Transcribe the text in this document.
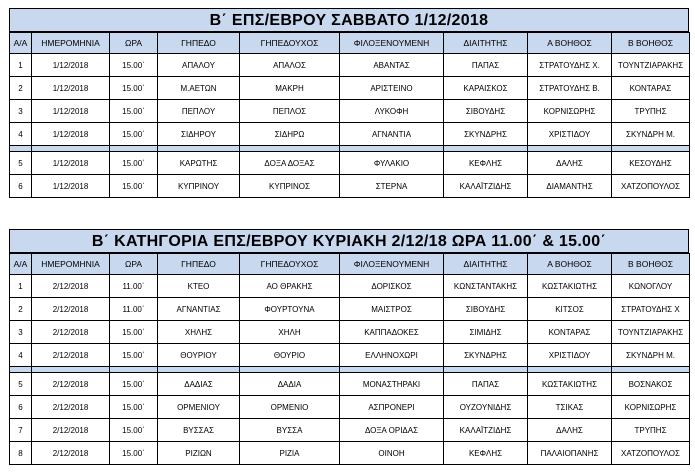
Β΄ ΕΠΣ/ΕΒΡΟΥ ΣΑΒΒΑΤΟ 1/12/2018
Α/Α	ΗΜΕΡΟΜΗΝΙΑ	ΩΡΑ	ΓΗΠΕΔΟ	ΓΗΠΕΔΟΥΧΟΣ	ΦΙΛΟΞΕΝΟΥΜΕΝΗ	ΔΙΑΙΤΗΤΗΣ	Α ΒΟΗΘΟΣ	Β ΒΟΗΘΟΣ
1	1/12/2018	15.00΄	ΑΠΑΛΟΥ	ΑΠΑΛΟΣ	ΑΒΑΝΤΑΣ	ΠΑΠΑΣ	ΣΤΡΑΤΟΥΔΗΣ Χ.	ΤΟΥΝΤΖΙΑΡΑΚΗΣ
2	1/12/2018	15.00΄	Μ.ΑΕΤΩΝ	ΜΑΚΡΗ	ΑΡΙΣΤΕΙΝΟ	ΚΑΡΑΙΣΚΟΣ	ΣΤΡΑΤΟΥΔΗΣ Β.	ΚΟΝΤΑΡΑΣ
3	1/12/2018	15.00΄	ΠΕΠΛΟΥ	ΠΕΠΛΟΣ	ΛΥΚΟΦΗ	ΣΙΒΟΥΔΗΣ	ΚΟΡΝΙΣΩΡΗΣ	ΤΡΥΠΗΣ
4	1/12/2018	15.00΄	ΣΙΔΗΡΟΥ	ΣΙΔΗΡΩ	ΑΓΝΑΝΤΙΑ	ΣΚΥΝΔΡΗΣ	ΧΡΙΣΤΙΔΟΥ	ΣΚΥΝΔΡΗ Μ.

5	1/12/2018	15.00΄	ΚΑΡΩΤΗΣ	ΔΟΞΑ ΔΟΞΑΣ	ΦΥΛΑΚΙΟ	ΚΕΦΛΗΣ	ΔΑΛΗΣ	ΚΕΣΟΥΔΗΣ
6	1/12/2018	15.00΄	ΚΥΠΡΙΝΟΥ	ΚΥΠΡΙΝΟΣ	ΣΤΕΡΝΑ	ΚΑΛΑΪΤΖΙΔΗΣ	ΔΙΑΜΑΝΤΗΣ	ΧΑΤΖΟΠΟΥΛΟΣ
Β΄ ΚΑΤΗΓΟΡΙΑ ΕΠΣ/ΕΒΡΟΥ ΚΥΡΙΑΚΗ 2/12/18 ΩΡΑ 11.00΄ & 15.00΄
Α/Α	ΗΜΕΡΟΜΗΝΙΑ	ΩΡΑ	ΓΗΠΕΔΟ	ΓΗΠΕΔΟΥΧΟΣ	ΦΙΛΟΞΕΝΟΥΜΕΝΗ	ΔΙΑΙΤΗΤΗΣ	Α ΒΟΗΘΟΣ	Β ΒΟΗΘΟΣ
1	2/12/2018	11.00΄	ΚΤΕΟ	ΑΟ ΘΡΑΚΗΣ	ΔΟΡΙΣΚΟΣ	ΚΩΝΣΤΑΝΤΑΚΗΣ	ΚΩΣΤΑΚΙΩΤΗΣ	ΚΩΝΟΓΛΟΥ
2	2/12/2018	11.00΄	ΑΓΝΑΝΤΙΑΣ	ΦΟΥΡΤΟΥΝΑ	ΜΑΙΣΤΡΟΣ	ΣΙΒΟΥΔΗΣ	ΚΙΤΣΟΣ	ΣΤΡΑΤΟΥΔΗΣ Χ
3	2/12/2018	15.00΄	ΧΗΛΗΣ	ΧΗΛΗ	ΚΑΠΠΑΔΟΚΕΣ	ΣΙΜΙΔΗΣ	ΚΟΝΤΑΡΑΣ	ΤΟΥΝΤΖΙΑΡΑΚΗΣ
4	2/12/2018	15.00΄	ΘΟΥΡΙΟΥ	ΘΟΥΡΙΟ	ΕΛΛΗΝΟΧΩΡΙ	ΣΚΥΝΔΡΗΣ	ΧΡΙΣΤΙΔΟΥ	ΣΚΥΝΔΡΗ Μ.

5	2/12/2018	15.00΄	ΔΑΔΙΑΣ	ΔΑΔΙΑ	ΜΟΝΑΣΤΗΡΑΚΙ	ΠΑΠΑΣ	ΚΩΣΤΑΚΙΩΤΗΣ	ΒΟΣΝΑΚΟΣ
6	2/12/2018	15.00΄	ΟΡΜΕΝΙΟΥ	ΟΡΜΕΝΙΟ	ΑΣΠΡΟΝΕΡΙ	ΟΥΖΟΥΝΙΔΗΣ	ΤΣΙΚΑΣ	ΚΟΡΝΙΣΩΡΗΣ
7	2/12/2018	15.00΄	ΒΥΣΣΑΣ	ΒΥΣΣΑ	ΔΟΞΑ ΟΡΙΔΑΣ	ΚΑΛΑΪΤΖΙΔΗΣ	ΔΑΛΗΣ	ΤΡΥΠΗΣ
8	2/12/2018	15.00΄	ΡΙΖΙΩΝ	ΡΙΖΙΑ	ΟΙΝΟΗ	ΚΕΦΛΗΣ	ΠΑΛΑΙΟΠΑΝΗΣ	ΧΑΤΖΟΠΟΥΛΟΣ
